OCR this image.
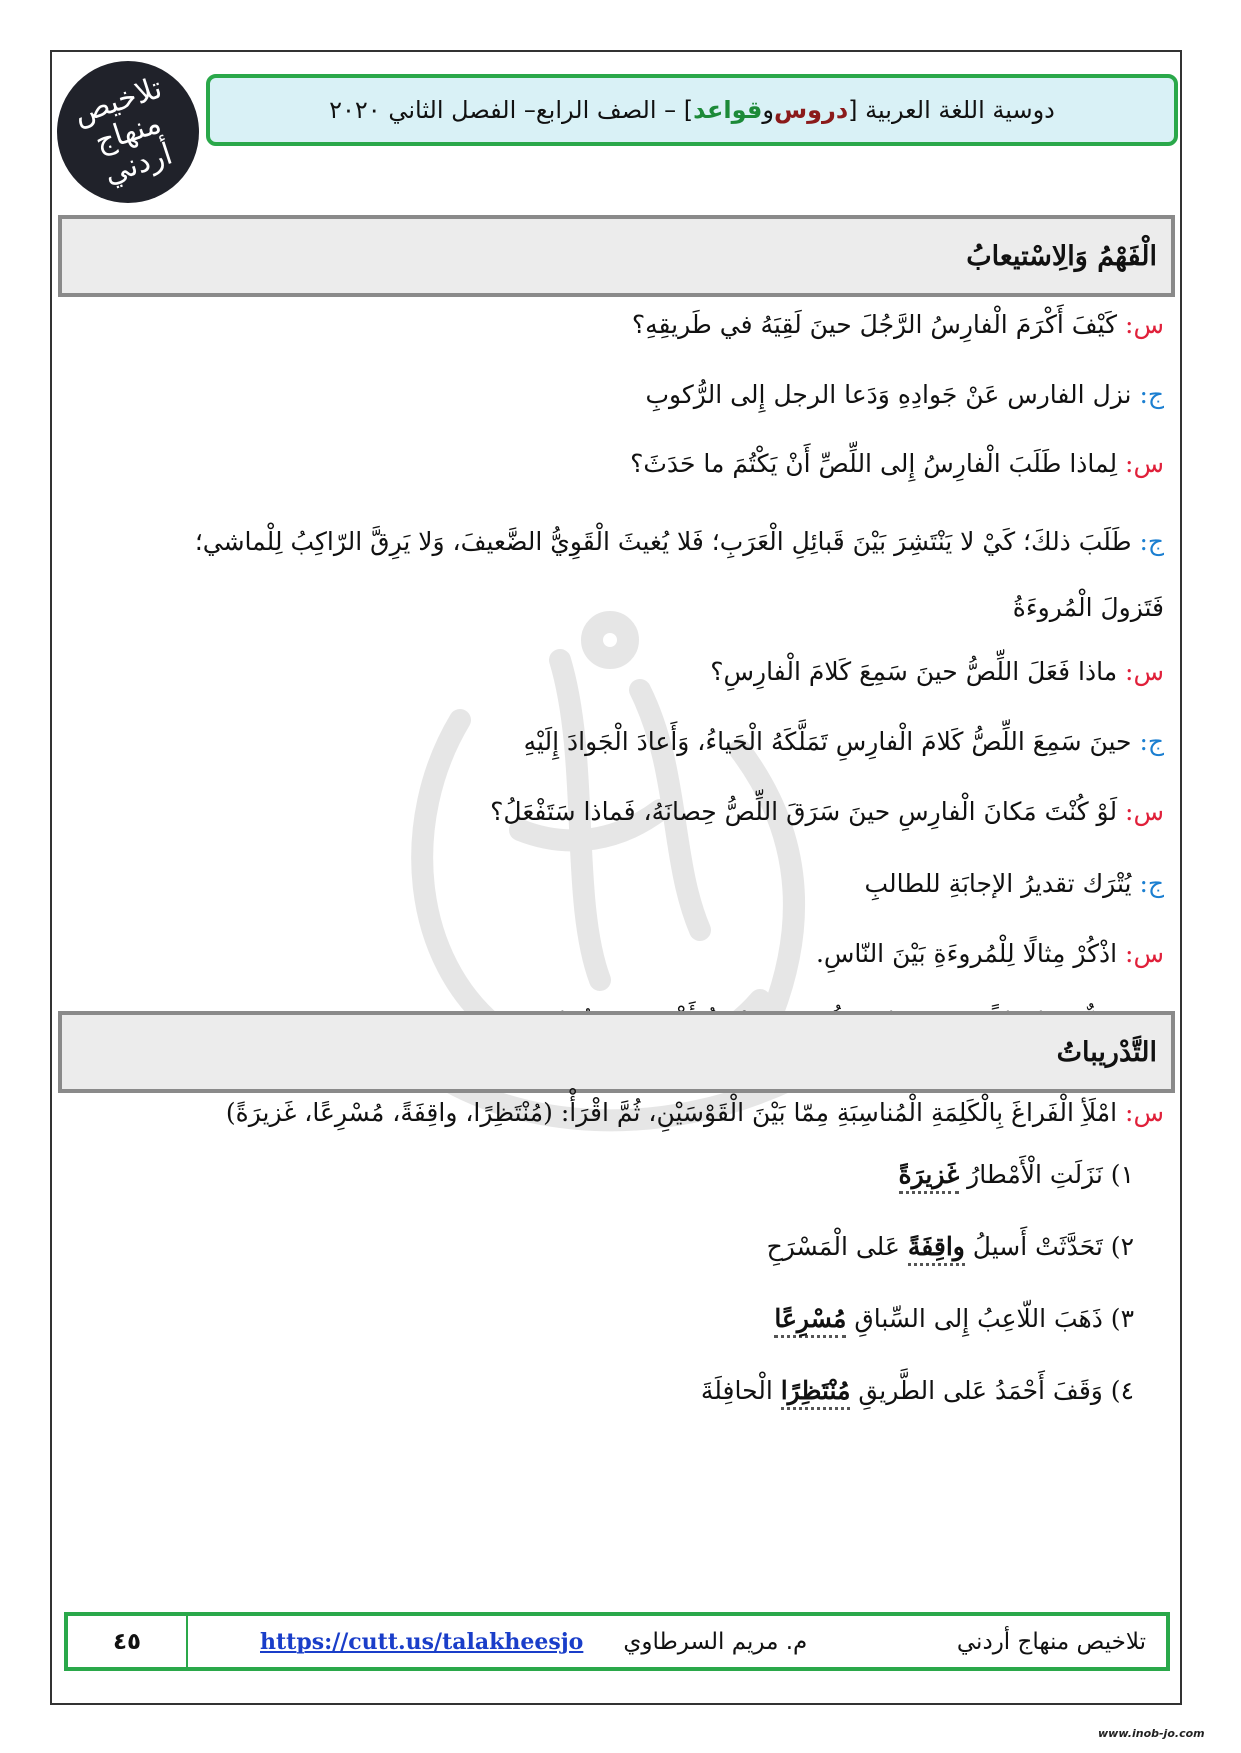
تلاخيص منهاج أردني
دوسية اللغة العربية [
دروس
و
قواعد
] – الصف الرابع– الفصل الثاني ٢٠٢٠
الْفَهْمُ وَالِاسْتيعابُ
س: كَيْفَ أَكْرَمَ الْفارِسُ الرَّجُلَ حينَ لَقِيَهُ في طَريقِهِ؟
ج: نزل الفارس عَنْ جَوادِهِ وَدَعا الرجل إِلى الرُّكوبِ
س: لِماذا طَلَبَ الْفارِسُ إِلى اللِّصِّ أَنْ يَكْتُمَ ما حَدَثَ؟
ج: طَلَبَ ذلكَ؛ كَيْ لا يَنْتَشِرَ بَيْنَ قَبائِلِ الْعَرَبِ؛ فَلا يُغيثَ الْقَوِيُّ الضَّعيفَ، وَلا يَرِقَّ الرّاكِبُ لِلْماشي؛
فَتَزولَ الْمُروءَةُ
س: ماذا فَعَلَ اللِّصُّ حينَ سَمِعَ كَلامَ الْفارِسِ؟
ج: حينَ سَمِعَ اللِّصُّ كَلامَ الْفارِسِ تَمَلَّكَهُ الْحَياءُ، وَأَعادَ الْجَوادَ إِلَيْهِ
س: لَوْ كُنْتَ مَكانَ الْفارِسِ حينَ سَرَقَ اللِّصُّ حِصانَهُ، فَماذا سَتَفْعَلُ؟
ج: يُتْرَك تقديرُ الإجابَةِ للطالبِ
س: اذْكُرْ مِثالًا لِلْمُروءَةِ بَيْنَ النّاسِ.
التَّدْريباتُ
س: امْلَأِ الْفَراغَ بِالْكَلِمَةِ الْمُناسِبَةِ مِمّا بَيْنَ الْقَوْسَيْنِ، ثُمَّ اقْرَأْ: (مُنْتَظِرًا، واقِفَةً، مُسْرِعًا، غَزيرَةً)
١) نَزَلَتِ الْأَمْطارُ غَزيرَةً
٢) تَحَدَّثَتْ أَسيلُ واقِفَةً عَلى الْمَسْرَحِ
٣) ذَهَبَ اللّاعِبُ إِلى السِّباقِ مُسْرِعًا
٤) وَقَفَ أَحْمَدُ عَلى الطَّريقِ مُنْتَظِرًا الْحافِلَةَ
٤٥	https://cutt.us/talakheesjo م. مريم السرطاوي	تلاخيص منهاج أردني
www.inob-jo.com
